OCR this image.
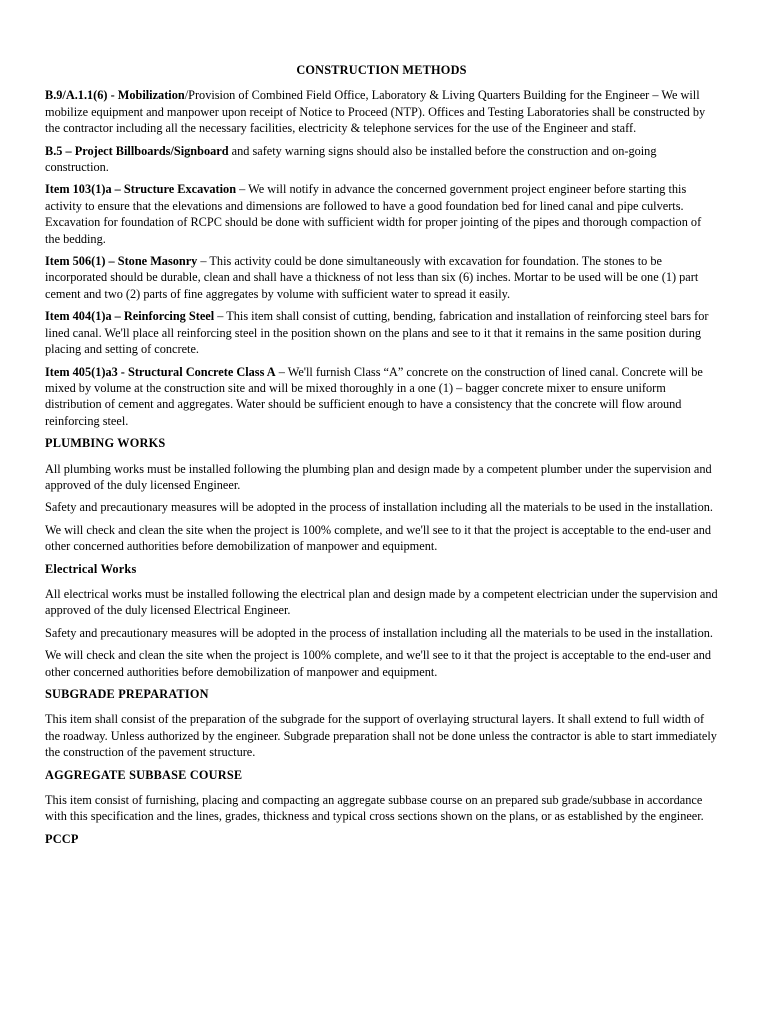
CONSTRUCTION METHODS

B.9/A.1.1(6) - Mobilization/Provision of Combined Field Office, Laboratory & Living Quarters Building for the Engineer – We will mobilize equipment and manpower upon receipt of Notice to Proceed (NTP). Offices and Testing Laboratories shall be constructed by the contractor including all the necessary facilities, electricity & telephone services for the use of the Engineer and staff.

B.5 – Project Billboards/Signboard and safety warning signs should also be installed before the construction and on-going construction.

Item 103(1)a – Structure Excavation – We will notify in advance the concerned government project engineer before starting this activity to ensure that the elevations and dimensions are followed to have a good foundation bed for lined canal and pipe culverts. Excavation for foundation of RCPC should be done with sufficient width for proper jointing of the pipes and thorough compaction of the bedding.

Item 506(1) – Stone Masonry – This activity could be done simultaneously with excavation for foundation. The stones to be incorporated should be durable, clean and shall have a thickness of not less than six (6) inches. Mortar to be used will be one (1) part cement and two (2) parts of fine aggregates by volume with sufficient water to spread it easily.

Item 404(1)a – Reinforcing Steel – This item shall consist of cutting, bending, fabrication and installation of reinforcing steel bars for lined canal. We'll place all reinforcing steel in the position shown on the plans and see to it that it remains in the same position during placing and setting of concrete.

Item 405(1)a3 - Structural Concrete Class A – We'll furnish Class “A” concrete on the construction of lined canal. Concrete will be mixed by volume at the construction site and will be mixed thoroughly in a one (1) – bagger concrete mixer to ensure uniform distribution of cement and aggregates. Water should be sufficient enough to have a consistency that the concrete will flow around reinforcing steel.

PLUMBING WORKS

All plumbing works must be installed following the plumbing plan and design made by a competent plumber under the supervision and approved of the duly licensed Engineer.

Safety and precautionary measures will be adopted in the process of installation including all the materials to be used in the installation.

We will check and clean the site when the project is 100% complete, and we'll see to it that the project is acceptable to the end-user and other concerned authorities before demobilization of manpower and equipment.

Electrical Works

All electrical works must be installed following the electrical plan and design made by a competent electrician under the supervision and approved of the duly licensed Electrical Engineer.

Safety and precautionary measures will be adopted in the process of installation including all the materials to be used in the installation.

We will check and clean the site when the project is 100% complete, and we'll see to it that the project is acceptable to the end-user and other concerned authorities before demobilization of manpower and equipment.

SUBGRADE PREPARATION

This item shall consist of the preparation of the subgrade for the support of overlaying structural layers. It shall extend to full width of the roadway. Unless authorized by the engineer. Subgrade preparation shall not be done unless the contractor is able to start immediately the construction of the pavement structure.

AGGREGATE SUBBASE COURSE

This item consist of furnishing, placing and compacting an aggregate subbase course on an prepared sub grade/subbase in accordance with this specification and the lines, grades, thickness and typical cross sections shown on the plans, or as established by the engineer.

PCCP
